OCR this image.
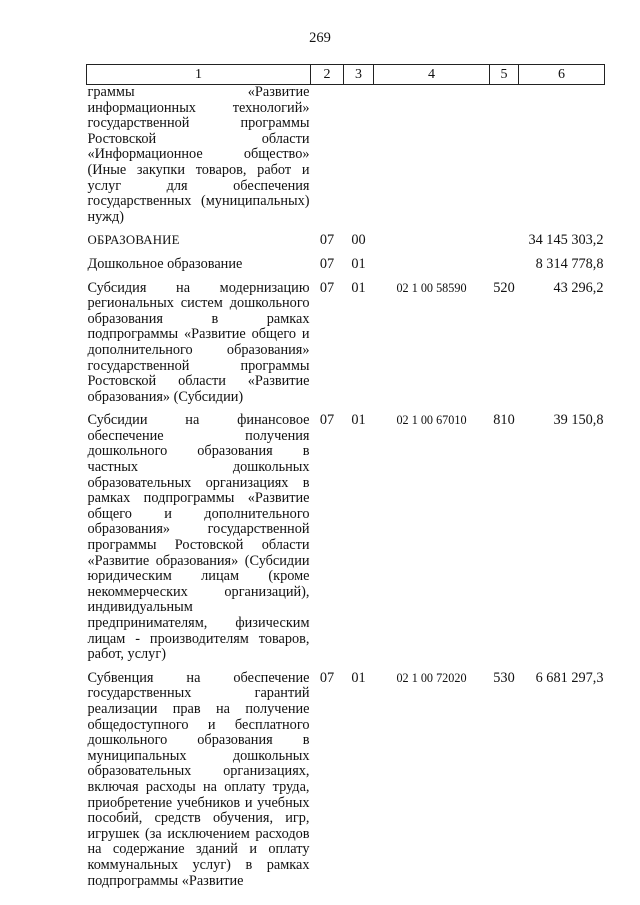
269
1	2	3	4	5	6
граммы «Развитие информационных технологий» государственной программы Ростовской области «Информационное общество» (Иные закупки товаров, работ и услуг для обеспечения государственных (муниципальных) нужд)					

ОБРАЗОВАНИЕ	07	00			34 145 303,2

Дошкольное образование	07	01			8 314 778,8

Субсидия на модернизацию региональных систем дошкольного образования в рамках подпрограммы «Развитие общего и дополнительного образования» государственной программы Ростовской области «Развитие образования» (Субсидии)	07	01	02 1 00 58590	520	43 296,2

Субсидии на финансовое обеспечение получения дошкольного образования в частных дошкольных образовательных организациях в рамках подпрограммы «Развитие общего и дополнительного образования» государственной программы Ростовской области «Развитие образования» (Субсидии юридическим лицам (кроме некоммерческих организаций), индивидуальным предпринимателям, физическим лицам - производителям товаров, работ, услуг)	07	01	02 1 00 67010	810	39 150,8

Субвенция на обеспечение государственных гарантий реализации прав на получение общедоступного и бесплатного дошкольного образования в муниципальных дошкольных образовательных организациях, включая расходы на оплату труда, приобретение учебников и учебных пособий, средств обучения, игр, игрушек (за исключением расходов на содержание зданий и оплату коммунальных услуг) в рамках подпрограммы «Развитие	07	01	02 1 00 72020	530	6 681 297,3
